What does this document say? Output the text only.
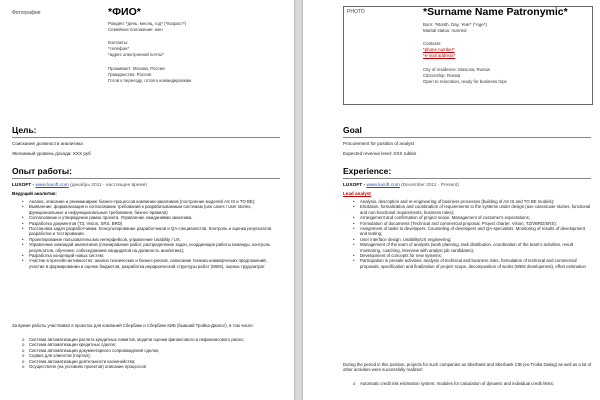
Фотография	*ФИО*
Рождён: *день, месяц, год* (*возраст*)
Семейное положение: жен
Контакты:
*телефон*
*адрес электронной почты*
Проживает: Москва, Россия
Гражданство: Россия
Готов к переезду, готов к командировкам
Цель:
Соискание должности аналитика
Желаемый уровень дохода: XXX руб
Опыт работы:
LUXOFT - www.luxoft.com (декабрь 2011 - настоящее время)
Ведущий аналитик:
• Анализ, описание и реинжиниринг бизнес-процессов компании-заказчиков (построение моделей AS IS и TO BE);
• Выявление, формализация и согласование требований к разрабатываемым системам (use cases / user stories, функциональные и нефункциональные требования, бизнес-правила)
• Согласование и утверждение рамок проекта. Управление ожиданиями заказчика.
• Разработка документов (ТЗ, Vision, SRS, BRD)
• Постановка задач разработчикам. Консультирование разработчиков и QA-специалистов. Контроль и оценка результатов разработки и тестирования.
• Проектирование пользовательских интерфейсов, управление Usability / UX.
• Управление командой аналитиков (планирование работ, распределение задач, координация работы команды, контроль результатов, обучение, собеседование кандидатов на должность аналитика);
• Разработка концепций новых систем;
• Участие в пресейл-активностях: анализ технических и бизнес-рисков, написание технико-коммерческих предложений, участие в формировании и оценке бюджетов, разработка иерархической структуры работ (WBS), оценка трудозатрат
За время работы участвовал в проектах для компаний Сбербанк и Сбербанк КИБ (бывший Тройка-Диалог), в том числе:
o Система автоматизации расчета кредитных лимитов, модели оценки финансового и нефинансового риска;
o Система автоматизации кредитных сделок;
o Система автоматизации документарного сопровождения сделок;
o Сервис для клиентов (портал);
o Система автоматизации деятельности казначейства;
o Осуществлял (на условиях проектов) описание процессов
PHOTO	*Surname Name Patronymic*
Born: *Month, Day, Year* (*Age*)
Marital status: married
Contacts:
*phone number*
*e-mail address*
City of residence: Moscow, Russia
Citizenship: Russia
Open to relocation, ready for business trips
Goal
Procurement for position of analyst
Expected revenue level: XXX rubles
Experience:
LUXOFT - www.luxoft.com (December 2011 - Present)
Lead analyst
• Analysis, description and re-engineering of business processes (building of AS IS and TO BE models);
• Elicitation, formalization and coordination of requirements to the systems under design (use cases/user stories, functional and non-functional requirements, business rules);
• Arrangement and confirmation of project scope. Management of customer's expectations;
• Formulation of documents (Technical and commercial proposal, Project charter, Vision, TZ/VBRD/SRS);
• Assignment of tasks to developers. Counseling of developers and QA-specialists. Monitoring of results of development and testing;
• User interface design. Usability/UX engineering;
• Management of the team of analysts (work planning, task distribution, coordination of the team's activities, result monitoring, coaching, interview with analyst job candidates);
• Development of concepts for new systems;
• Participation in presale activities: analysis of technical and business risks, formulation of technical and commercial proposals, specification and finalization of project scope, decomposition of works (WBS development), effort estimation
During the period in this position, projects for such companies as Sberbank and Sberbank CIB (ex-Troika Dialog) as well as a lot of other activities were successfully realized:
o Automatic credit risk estimation system: modules for calculation of dynamic and individual credit limits;
